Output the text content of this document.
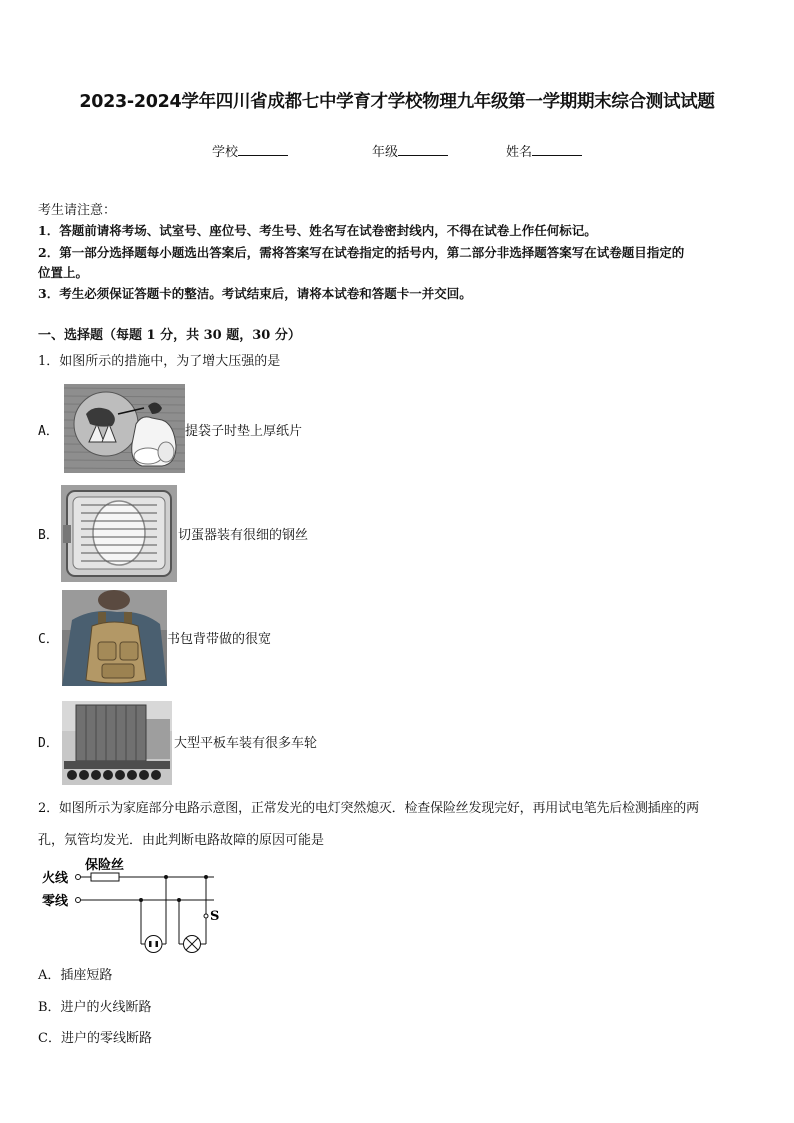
2023-2024学年四川省成都七中学育才学校物理九年级第一学期期末综合测试试题
学校	年级	姓名
考生请注意：
1．答题前请将考场、试室号、座位号、考生号、姓名写在试卷密封线内，不得在试卷上作任何标记。
2．第一部分选择题每小题选出答案后，需将答案写在试卷指定的括号内，第二部分非选择题答案写在试卷题目指定的
位置上。
3．考生必须保证答题卡的整洁。考试结束后，请将本试卷和答题卡一并交回。
一、选择题（每题 1 分，共 30 题，30 分）
1．如图所示的措施中，为了增大压强的是
A．	提袋子时垫上厚纸片
B．	切蛋器装有很细的钢丝
C．	书包背带做的很宽
D．	大型平板车装有很多车轮
2．如图所示为家庭部分电路示意图，正常发光的电灯突然熄灭．检查保险丝发现完好，再用试电笔先后检测插座的两
孔，氖管均发光．由此判断电路故障的原因可能是
火线
零线
保险丝
S
A．插座短路
B．进户的火线断路
C．进户的零线断路
